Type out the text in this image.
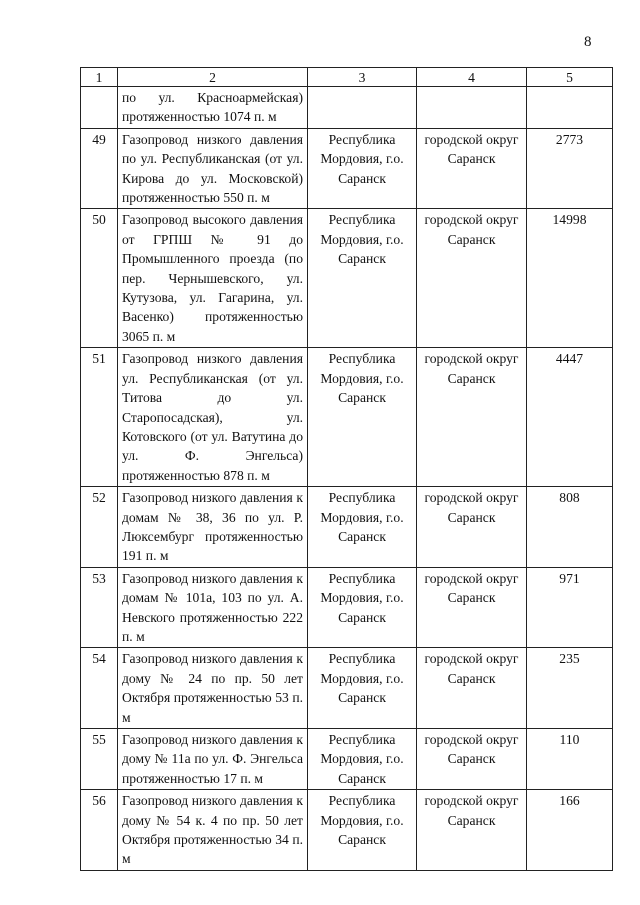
8
1	2	3	4	5
	по ул. Красноармейская) протяженностью 1074 п. м			
49	Газопровод низкого давления по ул. Республиканская (от ул. Кирова до ул. Московской) протяженностью 550 п. м	Республика Мордовия, г.о. Саранск	городской округ Саранск	2773
50	Газопровод высокого давления от ГРПШ № 91 до Промышленного проезда (по пер. Чернышевского, ул. Кутузова, ул. Гагарина, ул. Васенко) протяженностью 3065 п. м	Республика Мордовия, г.о. Саранск	городской округ Саранск	14998
51	Газопровод низкого давления ул. Республиканская (от ул. Титова до ул. Старопосадская), ул. Котовского (от ул. Ватутина до ул. Ф. Энгельса) протяженностью 878 п. м	Республика Мордовия, г.о. Саранск	городской округ Саранск	4447
52	Газопровод низкого давления к домам № 38, 36 по ул. Р. Люксембург протяженностью 191 п. м	Республика Мордовия, г.о. Саранск	городской округ Саранск	808
53	Газопровод низкого давления к домам № 101а, 103 по ул. А. Невского протяженностью 222 п. м	Республика Мордовия, г.о. Саранск	городской округ Саранск	971
54	Газопровод низкого давления к дому № 24 по пр. 50 лет Октября протяженностью 53 п. м	Республика Мордовия, г.о. Саранск	городской округ Саранск	235
55	Газопровод низкого давления к дому № 11а по ул. Ф. Энгельса протяженностью 17 п. м	Республика Мордовия, г.о. Саранск	городской округ Саранск	110
56	Газопровод низкого давления к дому № 54 к. 4 по пр. 50 лет Октября протяженностью 34 п. м	Республика Мордовия, г.о. Саранск	городской округ Саранск	166
